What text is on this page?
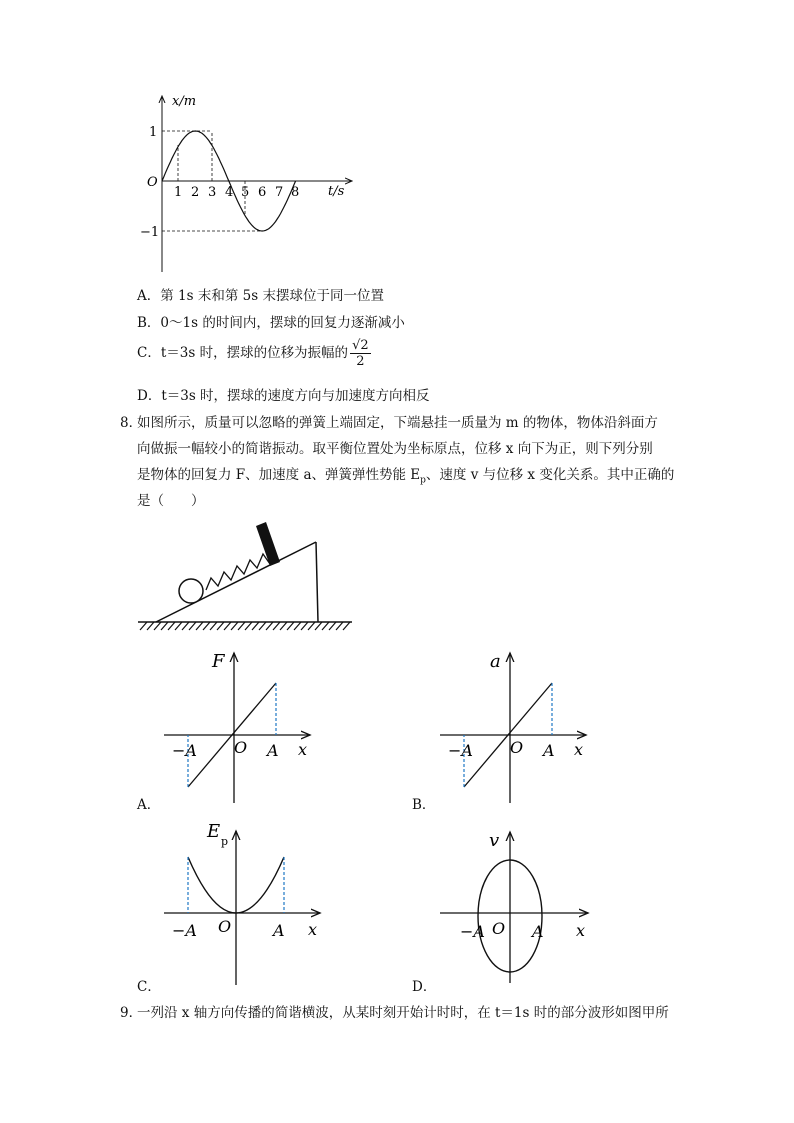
x/m
t/s
O
1
−1
1 2 3 4 5 6 7 8
A．第 1s 末和第 5s 末摆球位于同一位置
B．0～1s 的时间内，摆球的回复力逐渐减小
C．t＝3s 时，摆球的位移为振幅的 $\frac{√2}{2}$
D．t＝3s 时，摆球的速度方向与加速度方向相反
8．
如图所示，质量可以忽略的弹簧上端固定，下端悬挂一质量为 m 的物体，物体沿斜面方
向做振一幅较小的简谐振动。取平衡位置处为坐标原点，位移 x 向下为正，则下列分别
是物体的回复力 F、加速度 a、弹簧弹性势能 $E_p$、速度 v 与位移 x 变化关系。其中正确的
是（　　）
F
O	x
A
−A
A．
a
O	x
A
−A
B．
E p
O	x
A
−A
C．
v
O	x
A
−A
D．
9．
一列沿 x 轴方向传播的简谐横波，从某时刻开始计时时，在 t＝1s 时的部分波形如图甲所
